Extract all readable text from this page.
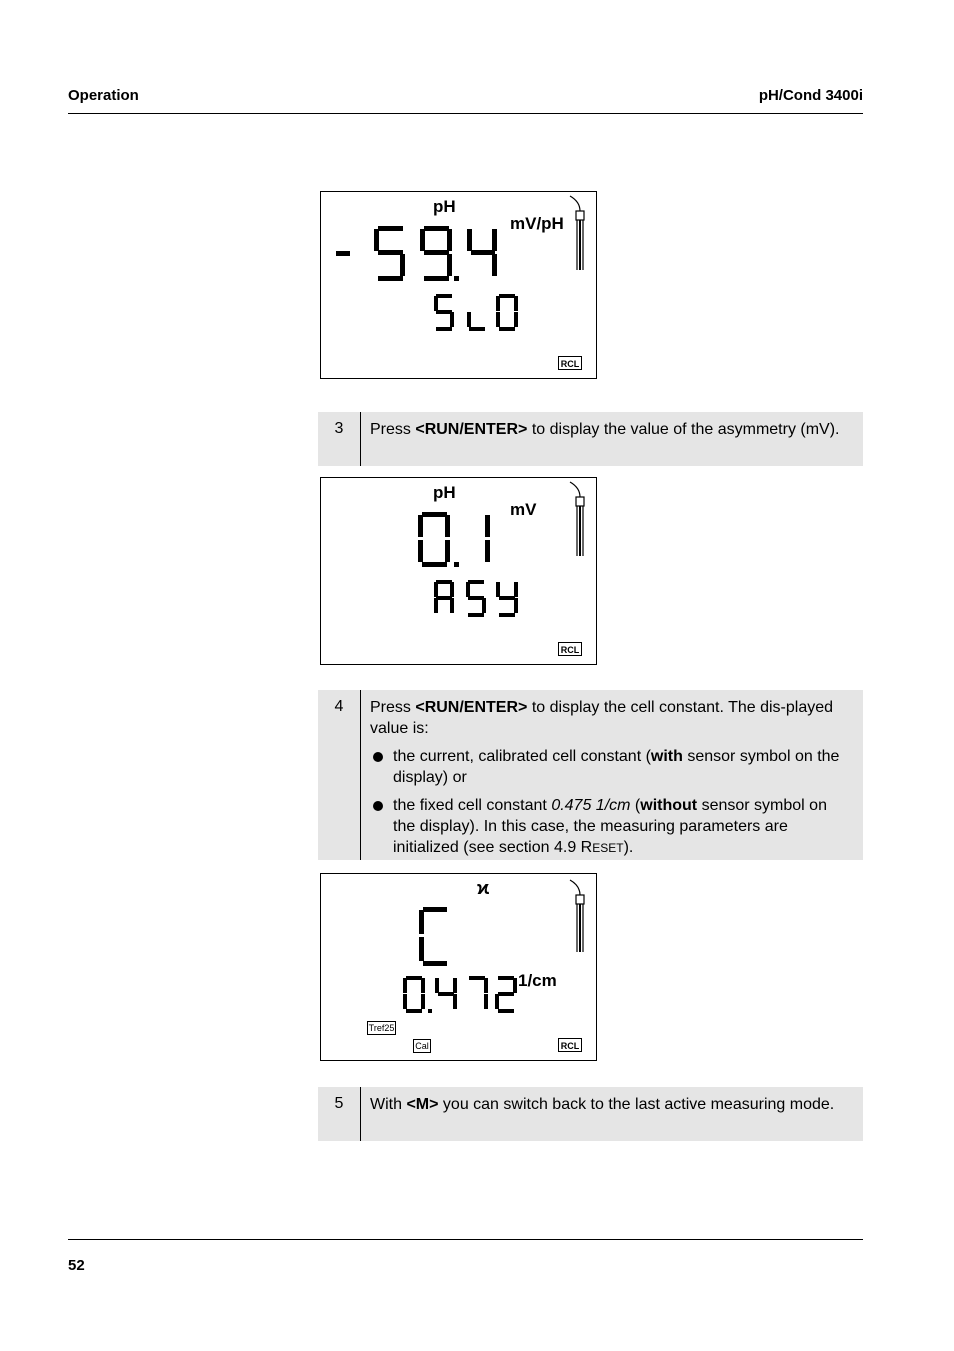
Operation	pH/Cond 3400i
pH
mV/pH
RCL
3	Press <RUN/ENTER> to display the value of the asymmetry (mV).
pH
mV
RCL
4	Press <RUN/ENTER> to display the cell constant. The dis-played value is:
the current, calibrated cell constant (with sensor symbol on the display) or
the fixed cell constant 0.475 1/cm (without sensor symbol on the display). In this case, the measuring parameters are initialized (see section 4.9 RESET).
ϰ
1/cm
Tref25
Cal	RCL
5	With <M> you can switch back to the last active measuring mode.
52
